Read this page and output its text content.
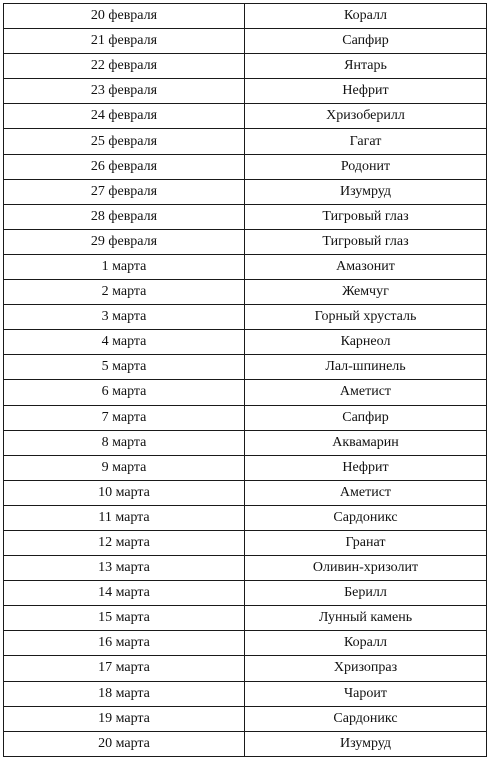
20 февраля	Коралл
21 февраля	Сапфир
22 февраля	Янтарь
23 февраля	Нефрит
24 февраля	Хризоберилл
25 февраля	Гагат
26 февраля	Родонит
27 февраля	Изумруд
28 февраля	Тигровый глаз
29 февраля	Тигровый глаз
1 марта	Амазонит
2 марта	Жемчуг
3 марта	Горный хрусталь
4 марта	Карнеол
5 марта	Лал-шпинель
6 марта	Аметист
7 марта	Сапфир
8 марта	Аквамарин
9 марта	Нефрит
10 марта	Аметист
11 марта	Сардоникс
12 марта	Гранат
13 марта	Оливин-хризолит
14 марта	Берилл
15 марта	Лунный камень
16 марта	Коралл
17 марта	Хризопраз
18 марта	Чароит
19 марта	Сардоникс
20 марта	Изумруд
